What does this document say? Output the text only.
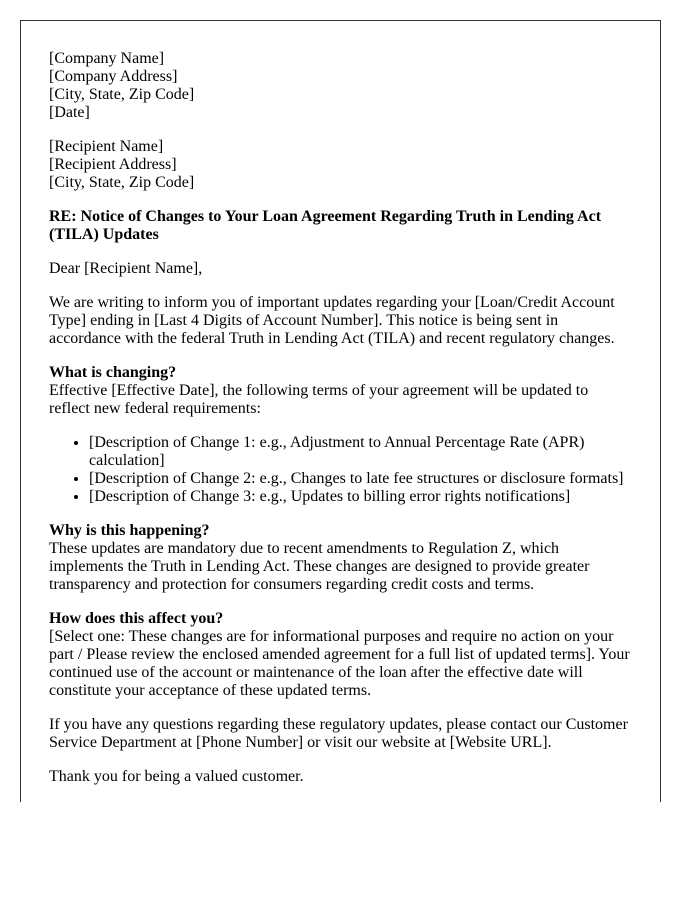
[Company Name]
[Company Address]
[City, State, Zip Code]
[Date]

[Recipient Name]
[Recipient Address]
[City, State, Zip Code]

RE: Notice of Changes to Your Loan Agreement Regarding Truth in Lending Act (TILA) Updates

Dear [Recipient Name],

We are writing to inform you of important updates regarding your [Loan/Credit Account Type] ending in [Last 4 Digits of Account Number]. This notice is being sent in accordance with the federal Truth in Lending Act (TILA) and recent regulatory changes.

What is changing?

Effective [Effective Date], the following terms of your agreement will be updated to reflect new federal requirements:

• [Description of Change 1: e.g., Adjustment to Annual Percentage Rate (APR) calculation]
• [Description of Change 2: e.g., Changes to late fee structures or disclosure formats]
• [Description of Change 3: e.g., Updates to billing error rights notifications]
Why is this happening?

These updates are mandatory due to recent amendments to Regulation Z, which implements the Truth in Lending Act. These changes are designed to provide greater transparency and protection for consumers regarding credit costs and terms.

How does this affect you?

[Select one: These changes are for informational purposes and require no action on your part / Please review the enclosed amended agreement for a full list of updated terms]. Your continued use of the account or maintenance of the loan after the effective date will constitute your acceptance of these updated terms.

If you have any questions regarding these regulatory updates, please contact our Customer Service Department at [Phone Number] or visit our website at [Website URL].

Thank you for being a valued customer.
